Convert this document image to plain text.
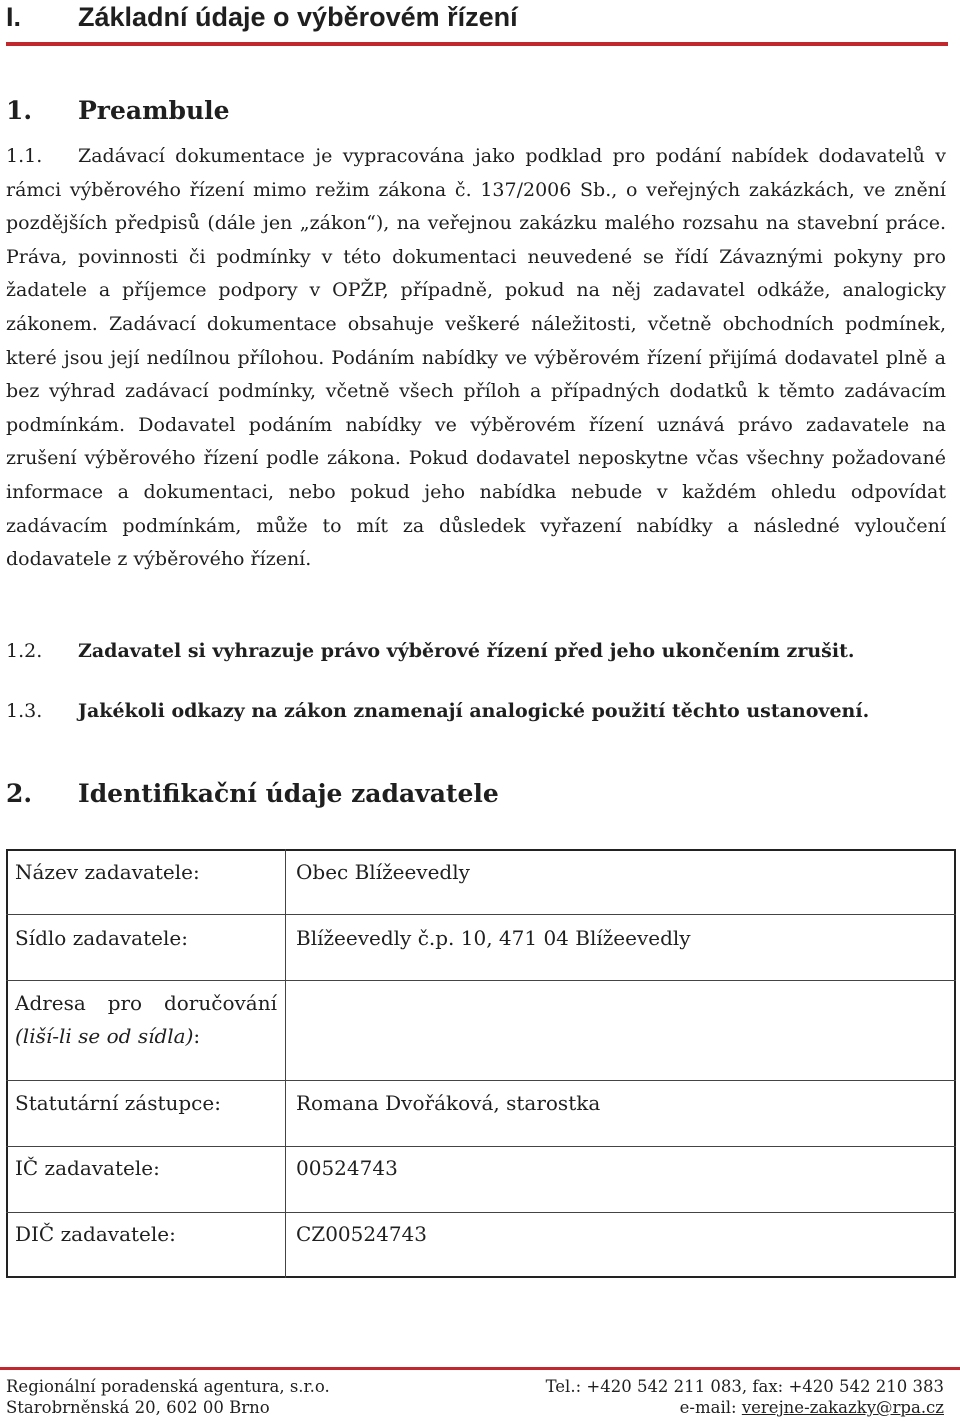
I. Základní údaje o výběrovém řízení
1. Preambule
1.1. Zadávací dokumentace je vypracována jako podklad pro podání nabídek dodavatelů v rámci výběrového řízení mimo režim zákona č. 137/2006 Sb., o veřejných zakázkách, ve znění pozdějších předpisů (dále jen „zákon“), na veřejnou zakázku malého rozsahu na stavební práce. Práva, povinnosti či podmínky v této dokumentaci neuvedené se řídí Závaznými pokyny pro žadatele a příjemce podpory v OPŽP, případně, pokud na něj zadavatel odkáže, analogicky zákonem. Zadávací dokumentace obsahuje veškeré náležitosti, včetně obchodních podmínek, které jsou její nedílnou přílohou. Podáním nabídky ve výběrovém řízení přijímá dodavatel plně a bez výhrad zadávací podmínky, včetně všech příloh a případných dodatků k těmto zadávacím podmínkám. Dodavatel podáním nabídky ve výběrovém řízení uznává právo zadavatele na zrušení výběrového řízení podle zákona. Pokud dodavatel neposkytne včas všechny požadované informace a dokumentaci, nebo pokud jeho nabídka nebude v každém ohledu odpovídat zadávacím podmínkám, může to mít za důsledek vyřazení nabídky a následné vyloučení dodavatele z výběrového řízení.
1.2. Zadavatel si vyhrazuje právo výběrové řízení před jeho ukončením zrušit.
1.3. Jakékoli odkazy na zákon znamenají analogické použití těchto ustanovení.
2. Identifikační údaje zadavatele
Název zadavatele:	Obec Blížeevedly
Sídlo zadavatele:	Blížeevedly č.p. 10, 471 04 Blížeevedly
Adresa pro doručování
(liší-li se od sídla):
Statutární zástupce:	Romana Dvořáková, starostka
IČ zadavatele:	00524743
DIČ zadavatele:	CZ00524743
Regionální poradenská agentura, s.r.o.
Starobrněnská 20, 602 00 Brno
Tel.: +420 542 211 083, fax: +420 542 210 383
e-mail: verejne-zakazky@rpa.cz
